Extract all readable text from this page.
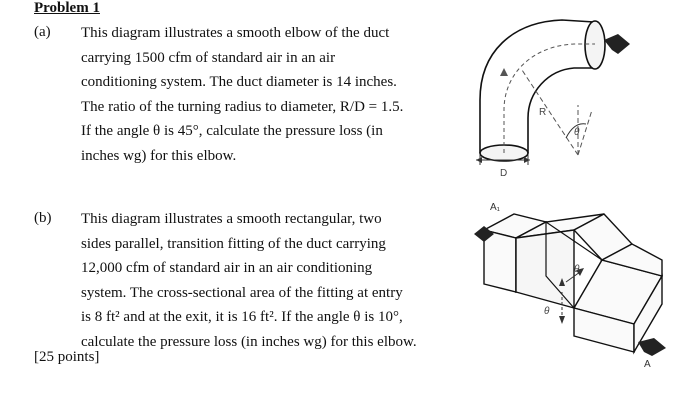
Problem 1
(a) This diagram illustrates a smooth elbow of the duct
carrying 1500 cfm of standard air in an air
conditioning system. The duct diameter is 14 inches.
The ratio of the turning radius to diameter, R/D = 1.5.
If the angle θ is 45°, calculate the pressure loss (in
inches wg) for this elbow.
R
D
θ
(b) This diagram illustrates a smooth rectangular, two
sides parallel, transition fitting of the duct carrying
12,000 cfm of standard air in an air conditioning
system. The cross-sectional area of the fitting at entry
is 8 ft² and at the exit, it is 16 ft². If the angle θ is 10°,
calculate the pressure loss (in inches wg) for this elbow.
[25 points]
A₁
A
θ
θ
